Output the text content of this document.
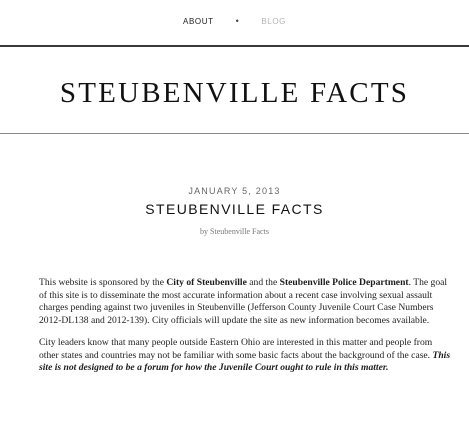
ABOUT •	BLOG
STEUBENVILLE FACTS
JANUARY 5, 2013
STEUBENVILLE FACTS
by Steubenville Facts

This website is sponsored by the City of Steubenville and the Steubenville Police Department. The goal of this site is to disseminate the most accurate information about a recent case involving sexual assault charges pending against two juveniles in Steubenville (Jefferson County Juvenile Court Case Numbers 2012-DL138 and 2012-139). City officials will update the site as new information becomes available.

City leaders know that many people outside Eastern Ohio are interested in this matter and people from other states and countries may not be familiar with some basic facts about the background of the case. This site is not designed to be a forum for how the Juvenile Court ought to rule in this matter.
